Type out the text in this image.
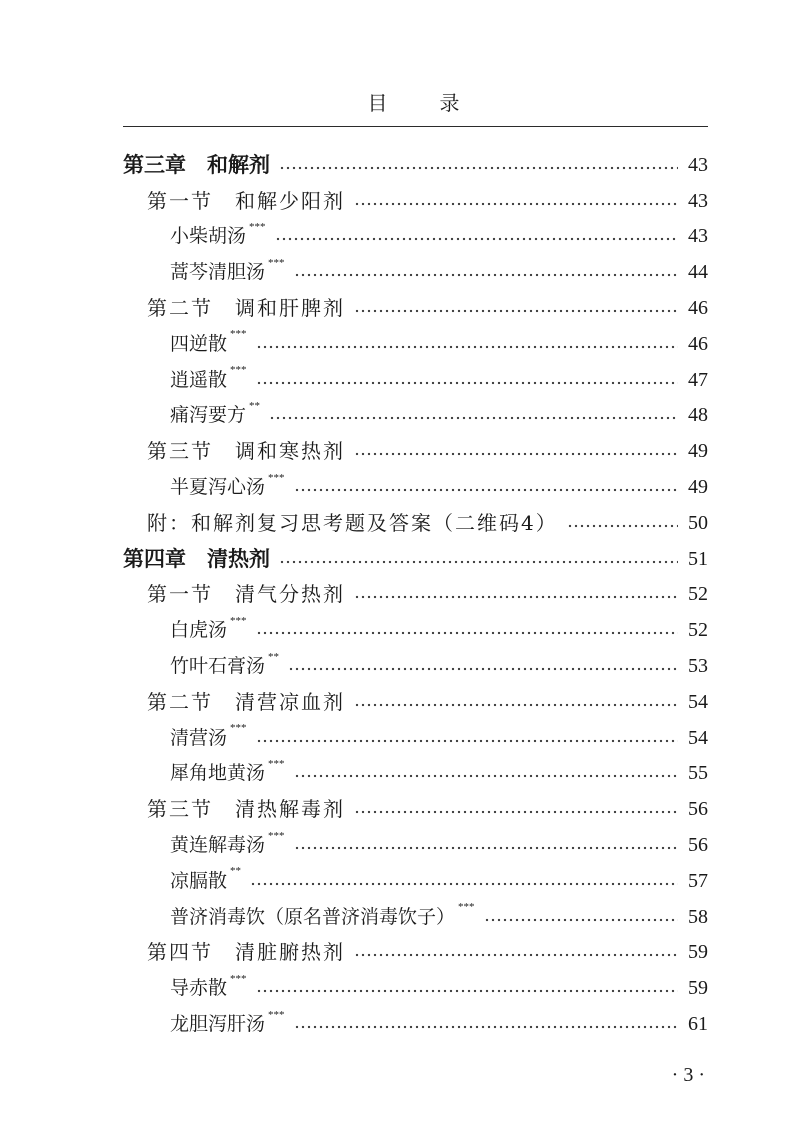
目　　录
第三章　和解剂	43
第一节　和解少阳剂	43
小柴胡汤 ***	43
蒿芩清胆汤 ***	44
第二节　调和肝脾剂	46
四逆散 ***	46
逍遥散 ***	47
痛泻要方 **	48
第三节　调和寒热剂	49
半夏泻心汤 ***	49
附：和解剂复习思考题及答案（二维码4）	50
第四章　清热剂	51
第一节　清气分热剂	52
白虎汤 ***	52
竹叶石膏汤 **	53
第二节　清营凉血剂	54
清营汤 ***	54
犀角地黄汤 ***	55
第三节　清热解毒剂	56
黄连解毒汤 ***	56
凉膈散 **	57
普济消毒饮（原名普济消毒饮子） ***	58
第四节　清脏腑热剂	59
导赤散 ***	59
龙胆泻肝汤 ***	61
· 3 ·
